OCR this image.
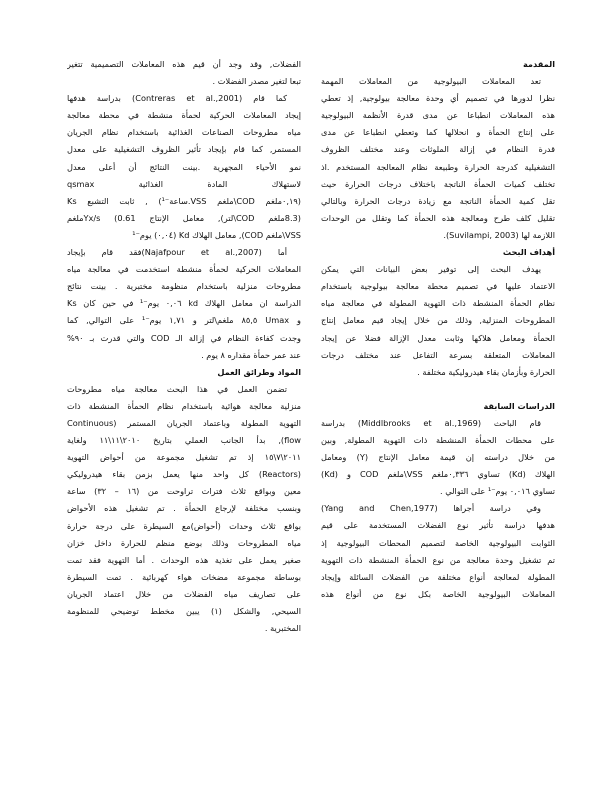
المقدمة
تعد المعاملات البيولوجية من المعاملات المهمة
نظرا لدورها في تصميم أي وحدة معالجة بيولوجية, إذ تعطي
هذه المعاملات انطباعا عن مدى قدرة الأنظمة البيولوجية
على إنتاج الحمأة و انحلالها كما وتعطي انطباعا عن مدى
قدرة النظام في إزالة الملوثات وعند مختلف الظروف
التشغيلية كدرجة الحرارة وطبيعة نظام المعالجة المستخدم .اذ
تختلف كميات الحمأة الناتجة باختلاف درجات الحرارة حيث
تقل كمية الحمأة الناتجة مع زيادة درجات الحرارة وبالتالي
تقليل كلف طرح ومعالجة هذه الحمأة كما وتقلل من الوحدات
اللازمة لها (Suvilampi, 2003).
أهداف البحث
يهدف البحث إلى توفير بعض البيانات التي يمكن
الاعتماد عليها في تصميم محطة معالجة بيولوجية باستخدام
نظام الحمأة المنشطة ذات التهوية المطولة في معالجة مياه
المطروحات المنزلية, وذلك من خلال إيجاد قيم معامل إنتاج
الحمأة ومعامل هلاكها وثابت معدل الإزالة فضلا عن إيجاد
المعاملات المتعلقة بسرعة التفاعل عند مختلف درجات
الحرارة وبأزمان بقاء هيدروليكية مختلفة .
الدراسات السابقة
قام الباحث (Middlbrooks et al.,1969) بدراسة
على محطات الحمأة المنشطة ذات التهوية المطولة, وبين
من خلال دراسته إن قيمة معامل الإنتاج (Y) ومعامل
الهلاك (Kd) تساوي ٠,٣٣٦ملغم VSS\ملغم COD و (Kd)
تساوي ٠,٠١٦ يوم⁻¹ على التوالي .
وفي دراسة أجراها (Yang and Chen,1977)
هدفها دراسة تأثير نوع الفضلات المستخدمة على قيم
الثوابت البيولوجية الخاصة لتصميم المحطات البيولوجية إذ
تم تشغيل وحدة معالجة من نوع الحمأة المنشطة ذات التهوية
المطولة لمعالجة أنواع مختلفة من الفضلات السائلة وإيجاد
المعاملات البيولوجية الخاصة بكل نوع من أنواع هذه
الفضلات, وقد وجد أن قيم هذه المعاملات التصميمية تتغير
تبعا لتغير مصدر الفضلات .
كما قام (Contreras et al.,2001) بدراسة هدفها
إيجاد المعاملات الحركية لحمأة منشطة في محطة معالجة
مياه مطروحات الصناعات الغذائية باستخدام نظام الجريان
المستمر, كما قام بإيجاد تأثير الظروف التشغيلية على معدل
نمو الأحياء المجهرية .بينت النتائج أن أعلى معدل
لاستهلاك المادة الغذائية qsmax
(٠,١٩ملغم COD\ملغم VSS.ساعة⁻¹) , ثابت التشبع Ks
(8.3ملغم COD\لتر), معامل الإنتاج Yx/s (0.61ملغم
VSS\ملغم COD), معامل الهلاك Kd (٠,٠٤) يوم⁻¹
أما (Najafpour et al.,2007)فقد قام بإيجاد
المعاملات الحركية لحمأة منشطة استخدمت في معالجة مياه
مطروحات منزلية باستخدام منظومة مختبرية . بينت نتائج
الدراسة ان معامل الهلاك kd ٠,٠٦ يوم⁻¹ في حين كان Ks
و Umax ٨٥,٥ ملغم\لتر و ١,٧١ يوم⁻¹ على التوالي, كما
وجدت كفاءة النظام في إزالة الـ COD والتي قدرت بـ ٩٠%
عند عمر حمأة مقداره ٨ يوم .
المواد وطرائق العمل
تضمن العمل في هذا البحث معالجة مياه مطروحات
منزلية معالجة هوائية باستخدام نظام الحمأة المنشطة ذات
التهوية المطولة وباعتماد الجريان المستمر (Continuous
flow), بدأ الجانب العملي بتاريخ ٢٠١٠\١١\١١ ولغاية
٢٠١١\٧\١٥ إذ تم تشغيل مجموعة من أحواض التهوية
(Reactors) كل واحد منها يعمل بزمن بقاء هيدروليكي
معين وبواقع ثلاث فترات تراوحت من (١٦ – ٣٢) ساعة
وبنسب مختلفة لإرجاع الحمأة . تم تشغيل هذه الأحواض
بواقع ثلاث وحدات (أحواض)مع السيطرة على درجة حرارة
مياه المطروحات وذلك بوضع منظم للحرارة داخل خزان
صغير يعمل على تغذية هذه الوحدات . أما التهوية فقد تمت
بوساطة مجموعة مضخات هواء كهربائية . تمت السيطرة
على تصاريف مياه الفضلات من خلال اعتماد الجريان
السيحي, والشكل (١) يبين مخطط توضيحي للمنظومة
المختبرية .
